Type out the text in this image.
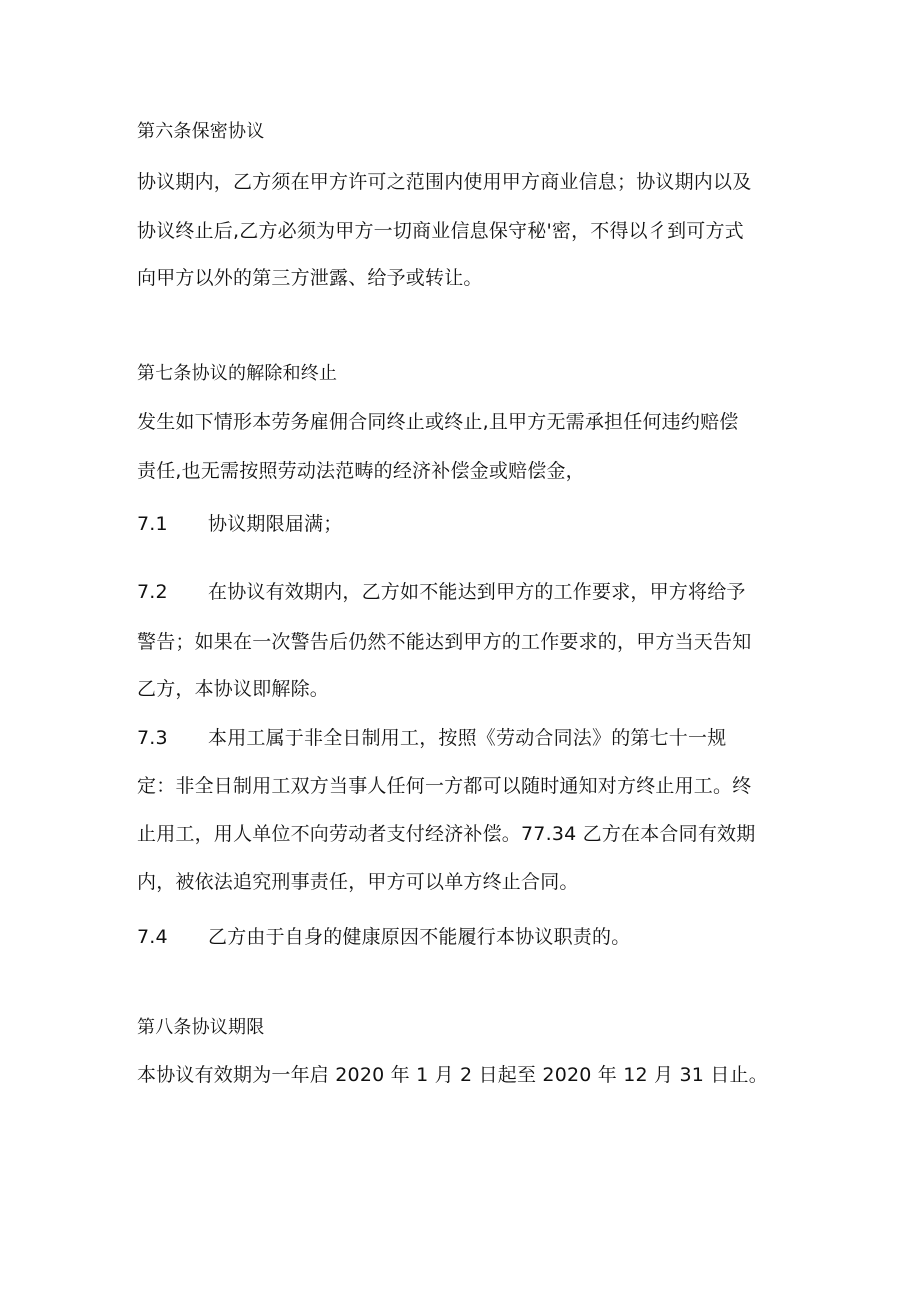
第六条保密协议
协议期内，乙方须在甲方许可之范围内使用甲方商业信息；协议期内以及
协议终止后,乙方必须为甲方一切商业信息保守秘'密，不得以彳到可方式
向甲方以外的第三方泄露、给予或转让。
第七条协议的解除和终止
发生如下情形本劳务雇佣合同终止或终止,且甲方无需承担任何违约赔偿
责任,也无需按照劳动法范畴的经济补偿金或赔偿金，
7.1 协议期限届满；
7.2 在协议有效期内，乙方如不能达到甲方的工作要求，甲方将给予
警告；如果在一次警告后仍然不能达到甲方的工作要求的，甲方当天告知
乙方，本协议即解除。
7.3 本用工属于非全日制用工，按照《劳动合同法》的第七十一规
定：非全日制用工双方当事人任何一方都可以随时通知对方终止用工。终
止用工，用人单位不向劳动者支付经济补偿。77.34 乙方在本合同有效期
内，被依法追究刑事责任，甲方可以单方终止合同。
7.4 乙方由于自身的健康原因不能履行本协议职责的。
第八条协议期限
本协议有效期为一年启 2020 年 1 月 2 日起至 2020 年 12 月 31 日止。
